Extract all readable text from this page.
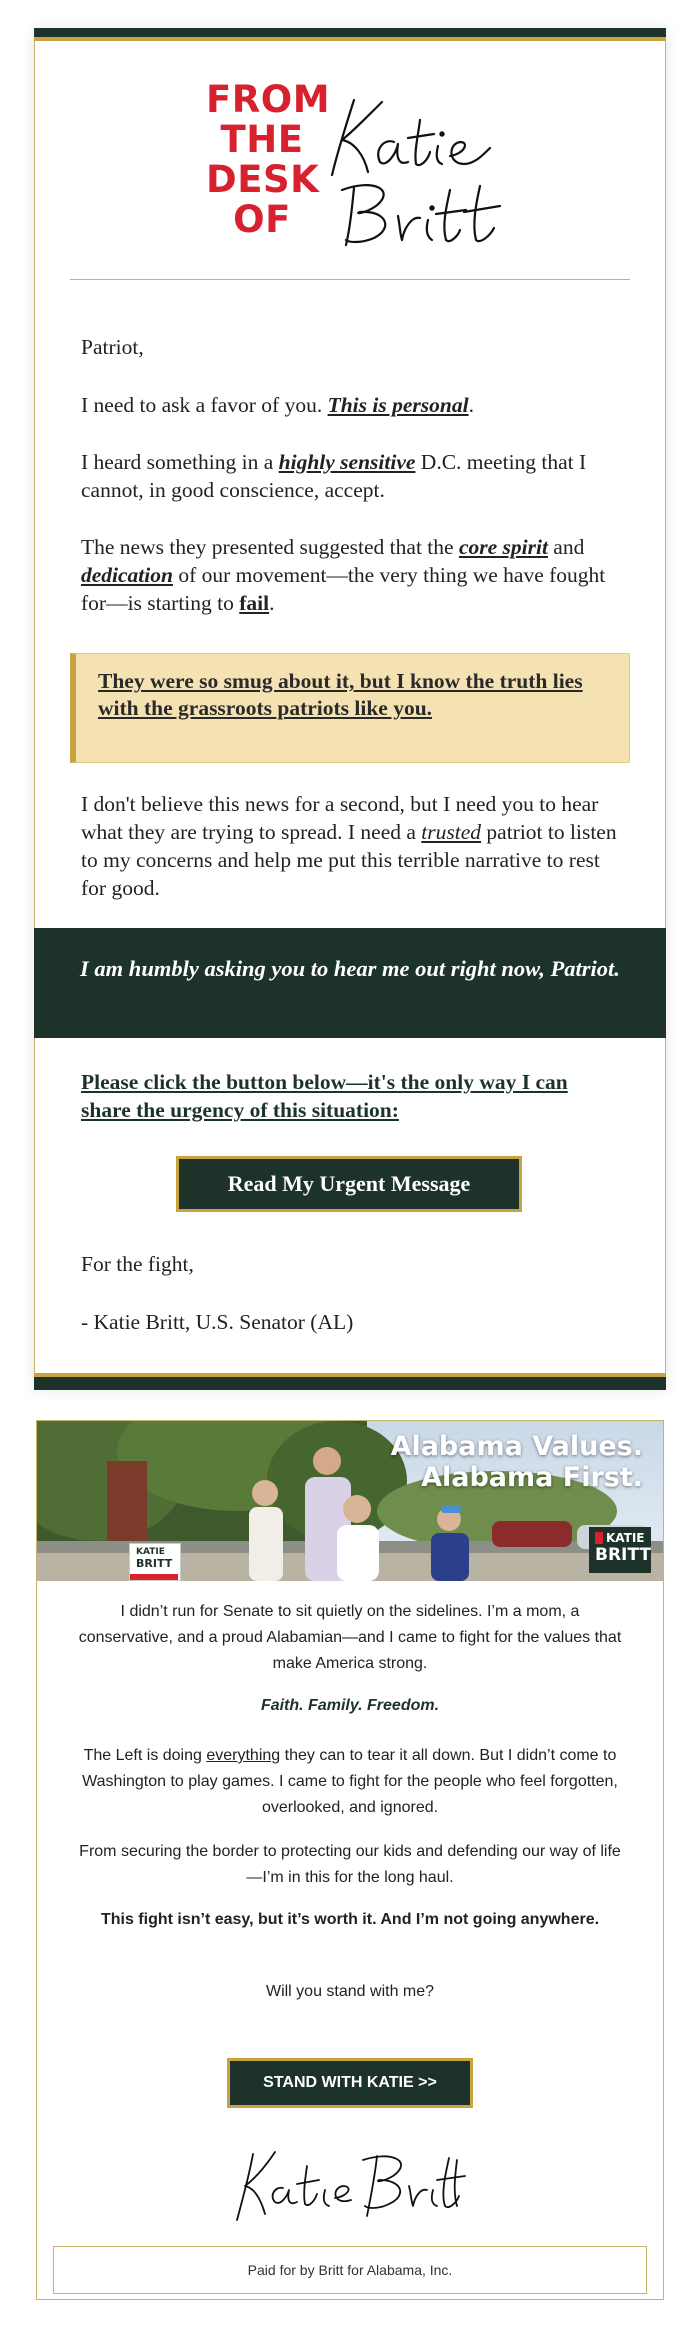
FROM
THE
DESK
OF

Patriot,

I need to ask a favor of you. This is personal.

I heard something in a highly sensitive D.C. meeting that I cannot, in good conscience, accept.

The news they presented suggested that the core spirit and dedication of our movement—the very thing we have fought for—is starting to fail.

They were so smug about it, but I know the truth lies with the grassroots patriots like you.

I don't believe this news for a second, but I need you to hear what they are trying to spread. I need a trusted patriot to listen to my concerns and help me put this terrible narrative to rest for good.

I am humbly asking you to hear me out right now, Patriot.
Please click the button below—it's the only way I can share the urgency of this situation:
Read My Urgent Message

For the fight,

- Katie Britt, U.S. Senator (AL)

KATIE
BRITT
KATIE
BRITT
Alabama Values.
Alabama First.

I didn’t run for Senate to sit quietly on the sidelines. I’m a mom, a conservative, and a proud Alabamian—and I came to fight for the values that make America strong.

Faith. Family. Freedom.

The Left is doing everything they can to tear it all down. But I didn’t come to Washington to play games. I came to fight for the people who feel forgotten, overlooked, and ignored.

From securing the border to protecting our kids and defending our way of life—I’m in this for the long haul.

This fight isn’t easy, but it’s worth it. And I’m not going anywhere.

Will you stand with me?

STAND WITH KATIE >>
Paid for by Britt for Alabama, Inc.
